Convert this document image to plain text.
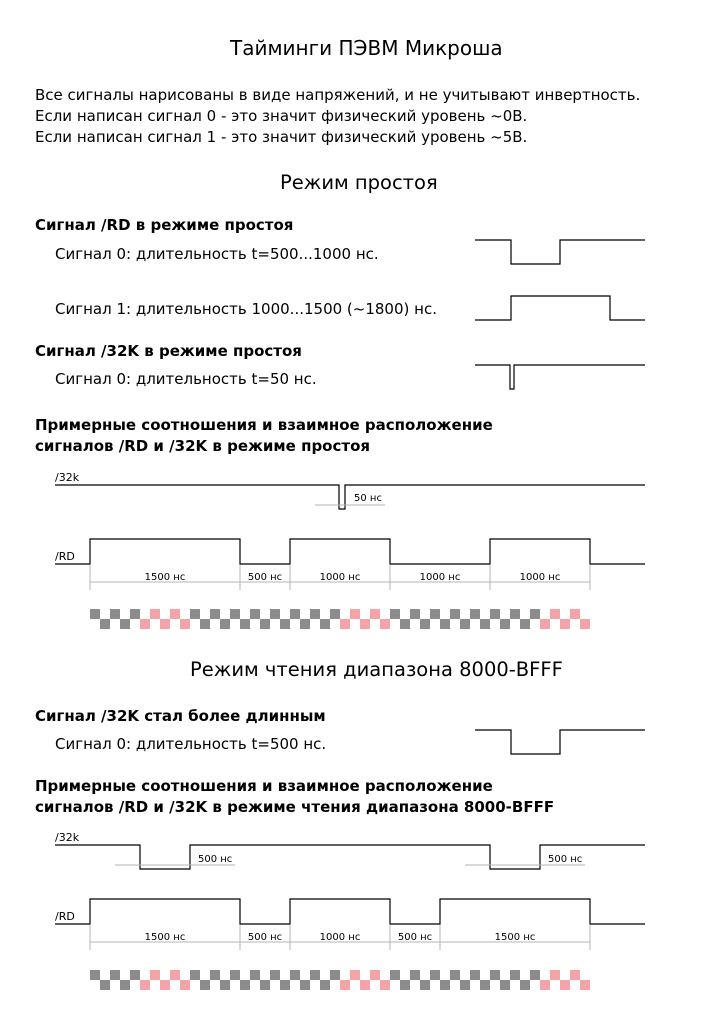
Тайминги ПЭВМ Микроша
Все сигналы нарисованы в виде напряжений, и не учитывают инвертность.
Если написан сигнал 0 - это значит физический уровень ~0В.
Если написан сигнал 1 - это значит физический уровень ~5В.
Режим простоя
Сигнал /RD в режиме простоя
Сигнал 0: длительность t=500...1000 нс.
Сигнал 1: длительность 1000...1500 (~1800) нс.
Сигнал /32K в режиме простоя
Сигнал 0: длительность t=50 нс.
Примерные соотношения и взаимное расположение
сигналов /RD и /32K в режиме простоя
Режим чтения диапазона 8000-BFFF
Сигнал /32K стал более длинным
Сигнал 0: длительность t=500 нс.
Примерные соотношения и взаимное расположение
сигналов /RD и /32K в режиме чтения диапазона 8000-BFFF
/32k
/RD
50 нс
1500 нс	500 нс	1000 нс	1000 нс	1000 нс
/32k
/RD
500 нс	500 нс
1500 нс	500 нс	1000 нс	500 нс	1500 нс
